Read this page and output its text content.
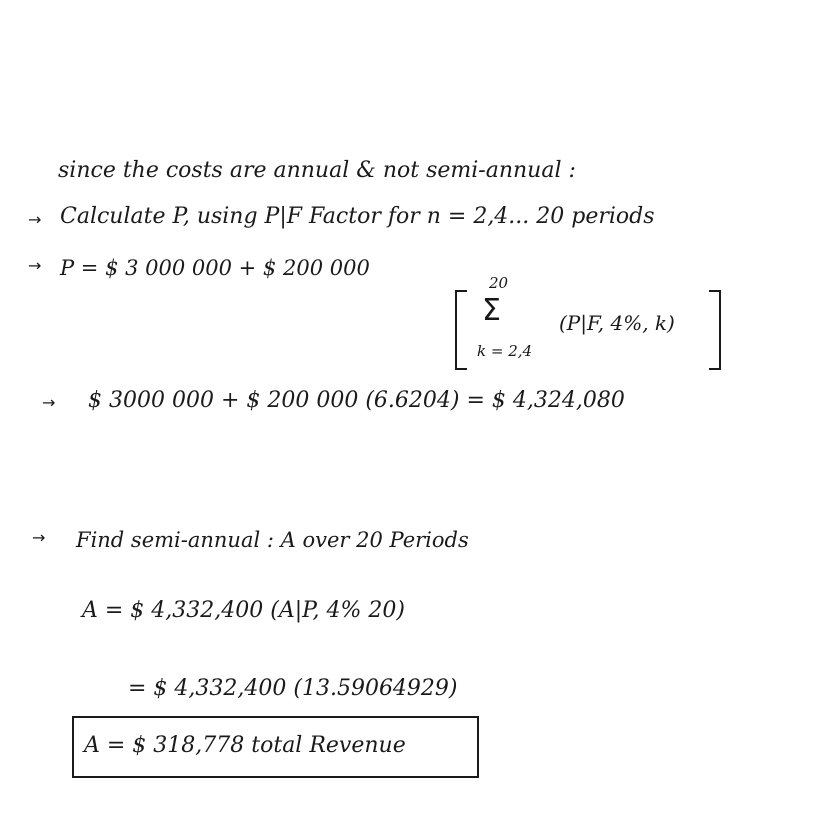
since the costs are annual & not semi-annual :
→ Calculate P, using P|F Factor for n = 2,4... 20 periods
→ P = $ 3 000 000 + $ 200 000
20
Σ
k = 2,4
(P|F, 4%, k)
→ $ 3000 000 + $ 200 000 (6.6204) = $ 4,324,080
→ Find semi-annual : A over 20 Periods
A = $ 4,332,400 (A|P, 4% 20)
= $ 4,332,400 (13.59064929)
A = $ 318,778 total Revenue
